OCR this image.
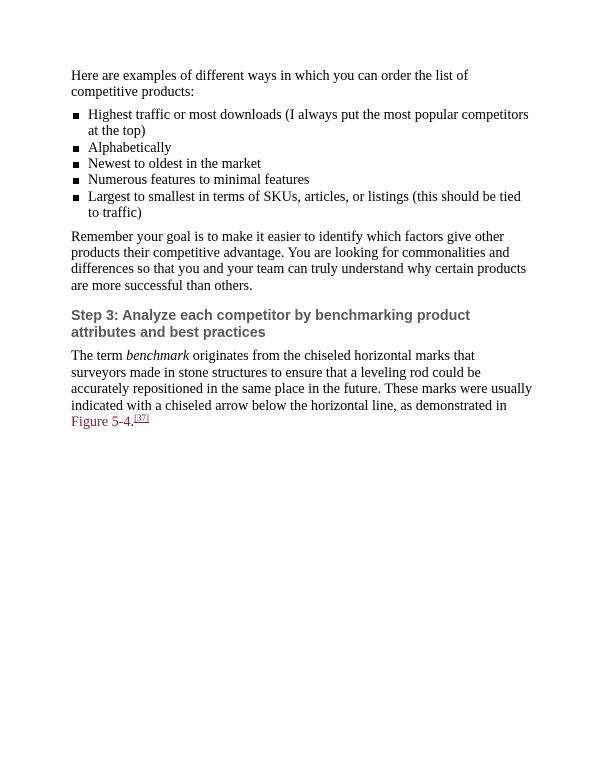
Here are examples of different ways in which you can order the list of competitive products:

Highest traffic or most downloads (I always put the most popular competitors at the top)
Alphabetically
Newest to oldest in the market
Numerous features to minimal features
Largest to smallest in terms of SKUs, articles, or listings (this should be tied to traffic)

Remember your goal is to make it easier to identify which factors give other products their competitive advantage. You are looking for commonalities and differences so that you and your team can truly understand why certain products are more successful than others.

Step 3: Analyze each competitor by benchmarking product attributes and best practices

The term benchmark originates from the chiseled horizontal marks that surveyors made in stone structures to ensure that a leveling rod could be accurately repositioned in the same place in the future. These marks were usually indicated with a chiseled arrow below the horizontal line, as demonstrated in Figure 5-4.[37]
